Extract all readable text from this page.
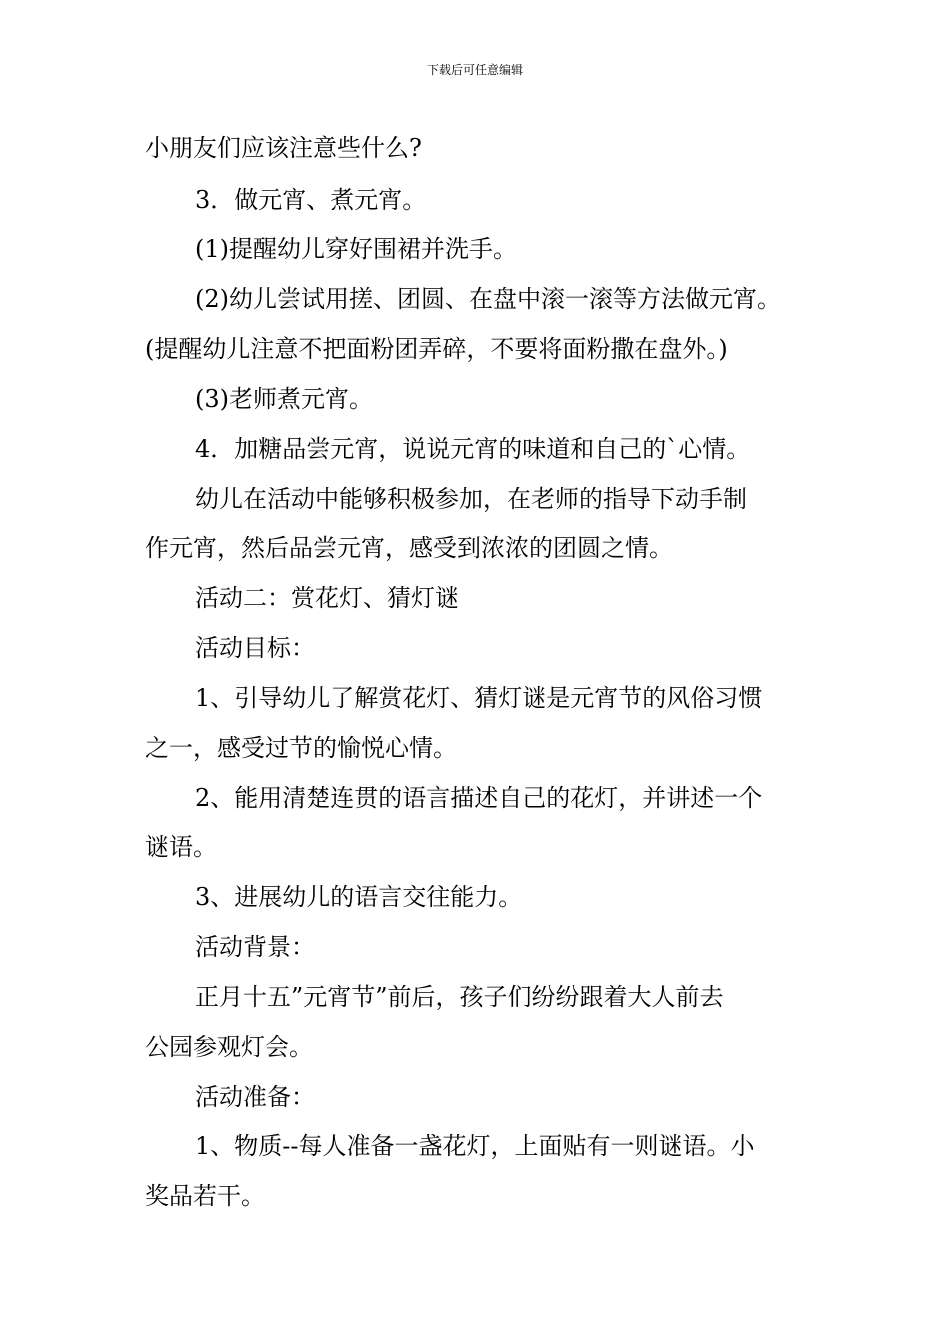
下载后可任意编辑
小朋友们应该注意些什么?
3．做元宵、煮元宵。
(1)提醒幼儿穿好围裙并洗手。
(2)幼儿尝试用搓、团圆、在盘中滚一滚等方法做元宵。
(提醒幼儿注意不把面粉团弄碎，不要将面粉撒在盘外。)
(3)老师煮元宵。
4．加糖品尝元宵，说说元宵的味道和自己的`心情。
幼儿在活动中能够积极参加，在老师的指导下动手制
作元宵，然后品尝元宵，感受到浓浓的团圆之情。
活动二：赏花灯、猜灯谜
活动目标：
1、引导幼儿了解赏花灯、猜灯谜是元宵节的风俗习惯
之一，感受过节的愉悦心情。
2、能用清楚连贯的语言描述自己的花灯，并讲述一个
谜语。
3、进展幼儿的语言交往能力。
活动背景：
正月十五”元宵节”前后，孩子们纷纷跟着大人前去
公园参观灯会。
活动准备：
1、物质--每人准备一盏花灯，上面贴有一则谜语。小
奖品若干。
